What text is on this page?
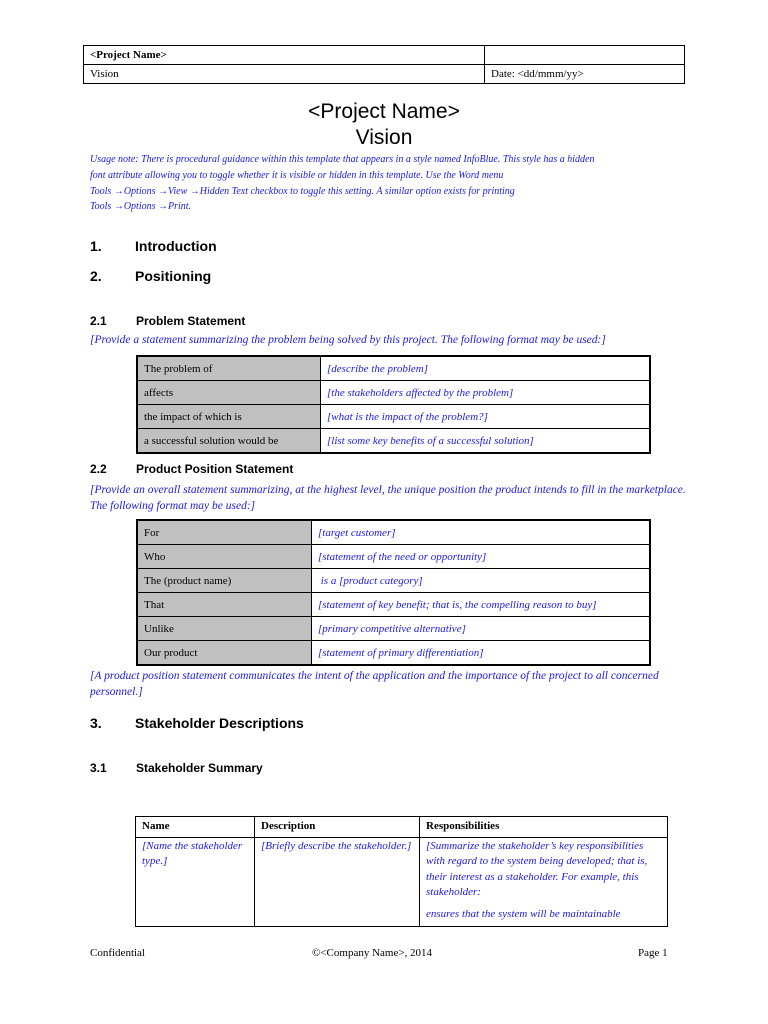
<Project Name>	
Vision	Date: <dd/mmm/yy>
<Project Name>
Vision
Usage note: There is procedural guidance within this template that appears in a style named InfoBlue. This style has a hidden
font attribute allowing you to toggle whether it is visible or hidden in this template. Use the Word menu
Tools →Options →View →Hidden Text checkbox to toggle this setting. A similar option exists for printing
Tools →Options →Print.
1. Introduction
2. Positioning
2.1 Problem Statement
[Provide a statement summarizing the problem being solved by this project. The following format may be used:]
The problem of	[describe the problem]
affects	[the stakeholders affected by the problem]
the impact of which is	[what is the impact of the problem?]
a successful solution would be	[list some key benefits of a successful solution]
2.2 Product Position Statement
[Provide an overall statement summarizing, at the highest level, the unique position the product intends to fill in the marketplace. The following format may be used:]
For	[target customer]
Who	[statement of the need or opportunity]
The (product name)	is a [product category]
That	[statement of key benefit; that is, the compelling reason to buy]
Unlike	[primary competitive alternative]
Our product	[statement of primary differentiation]
[A product position statement communicates the intent of the application and the importance of the project to all concerned personnel.]
3. Stakeholder Descriptions
3.1 Stakeholder Summary
Name	Description	Responsibilities
[Name the stakeholder type.]	[Briefly describe the stakeholder.]	[Summarize the stakeholder’s key responsibilities with regard to the system being developed; that is, their interest as a stakeholder. For example, this stakeholder:
ensures that the system will be maintainable
Confidential	©<Company Name>, 2014	Page 1
